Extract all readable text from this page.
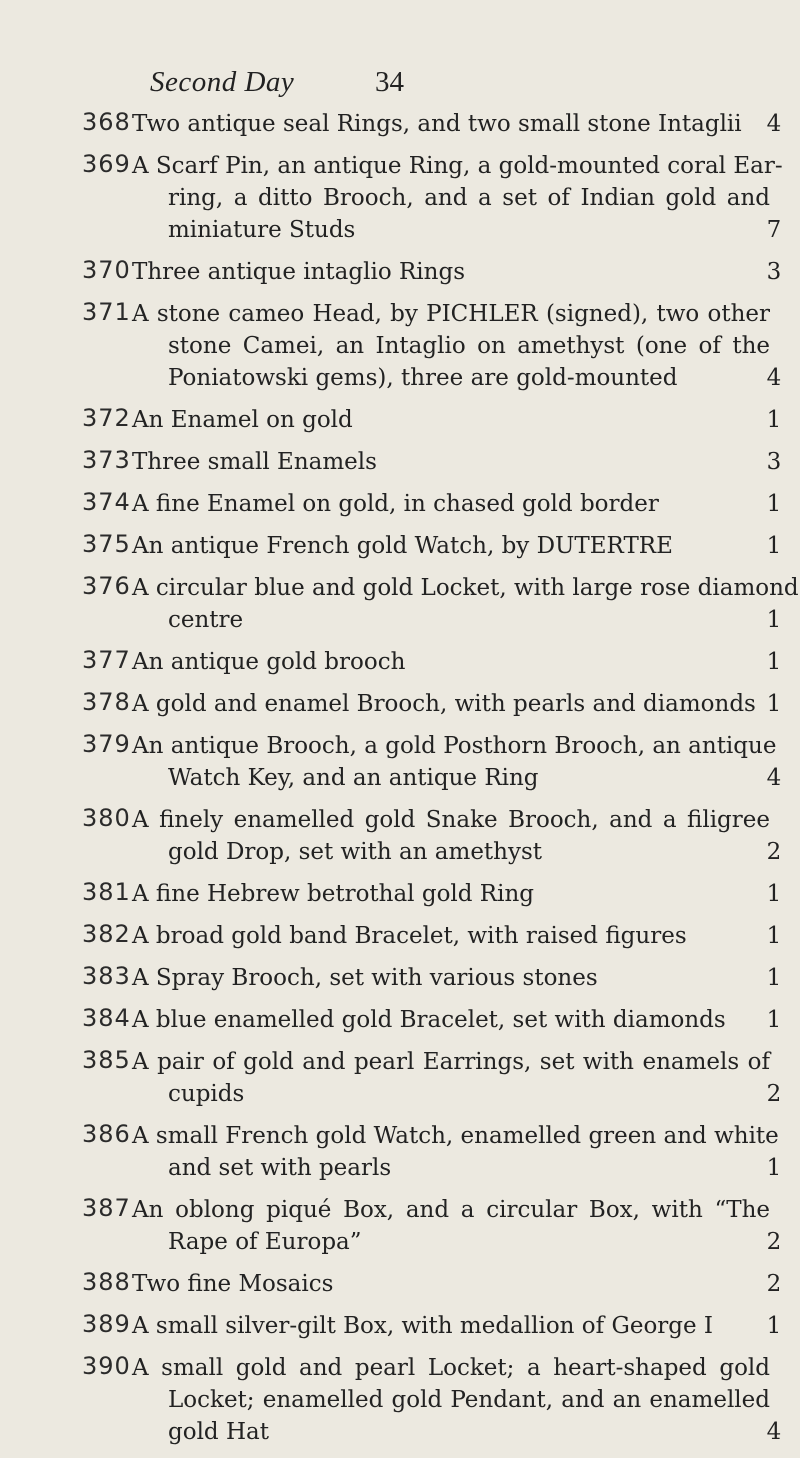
Second Day	34
368 Two antique seal Rings, and two small stone Intaglii 4
369 A Scarf Pin, an antique Ring, a gold-mounted coral Ear-
ring, a ditto Brooch, and a set of Indian gold and
miniature Studs	7
370 Three antique intaglio Rings	3
371 A stone cameo Head, by PICHLER (signed), two other
stone Camei, an Intaglio on amethyst (one of the
Poniatowski gems), three are gold-mounted	4
372 An Enamel on gold	1
373 Three small Enamels	3
374 A fine Enamel on gold, in chased gold border	1
375 An antique French gold Watch, by DUTERTRE	1
376 A circular blue and gold Locket, with large rose diamond
centre	1
377 An antique gold brooch	1
378 A gold and enamel Brooch, with pearls and diamonds 1
379 An antique Brooch, a gold Posthorn Brooch, an antique
Watch Key, and an antique Ring	4
380 A finely enamelled gold Snake Brooch, and a filigree
gold Drop, set with an amethyst	2
381 A fine Hebrew betrothal gold Ring	1
382 A broad gold band Bracelet, with raised figures	1
383 A Spray Brooch, set with various stones	1
384 A blue enamelled gold Bracelet, set with diamonds 1
385 A pair of gold and pearl Earrings, set with enamels of
cupids	2
386 A small French gold Watch, enamelled green and white
and set with pearls	1
387 An oblong piqué Box, and a circular Box, with “The
Rape of Europa”	2
388 Two fine Mosaics	2
389 A small silver-gilt Box, with medallion of George I 1
390 A small gold and pearl Locket; a heart-shaped gold
Locket; enamelled gold Pendant, and an enamelled
gold Hat	4
